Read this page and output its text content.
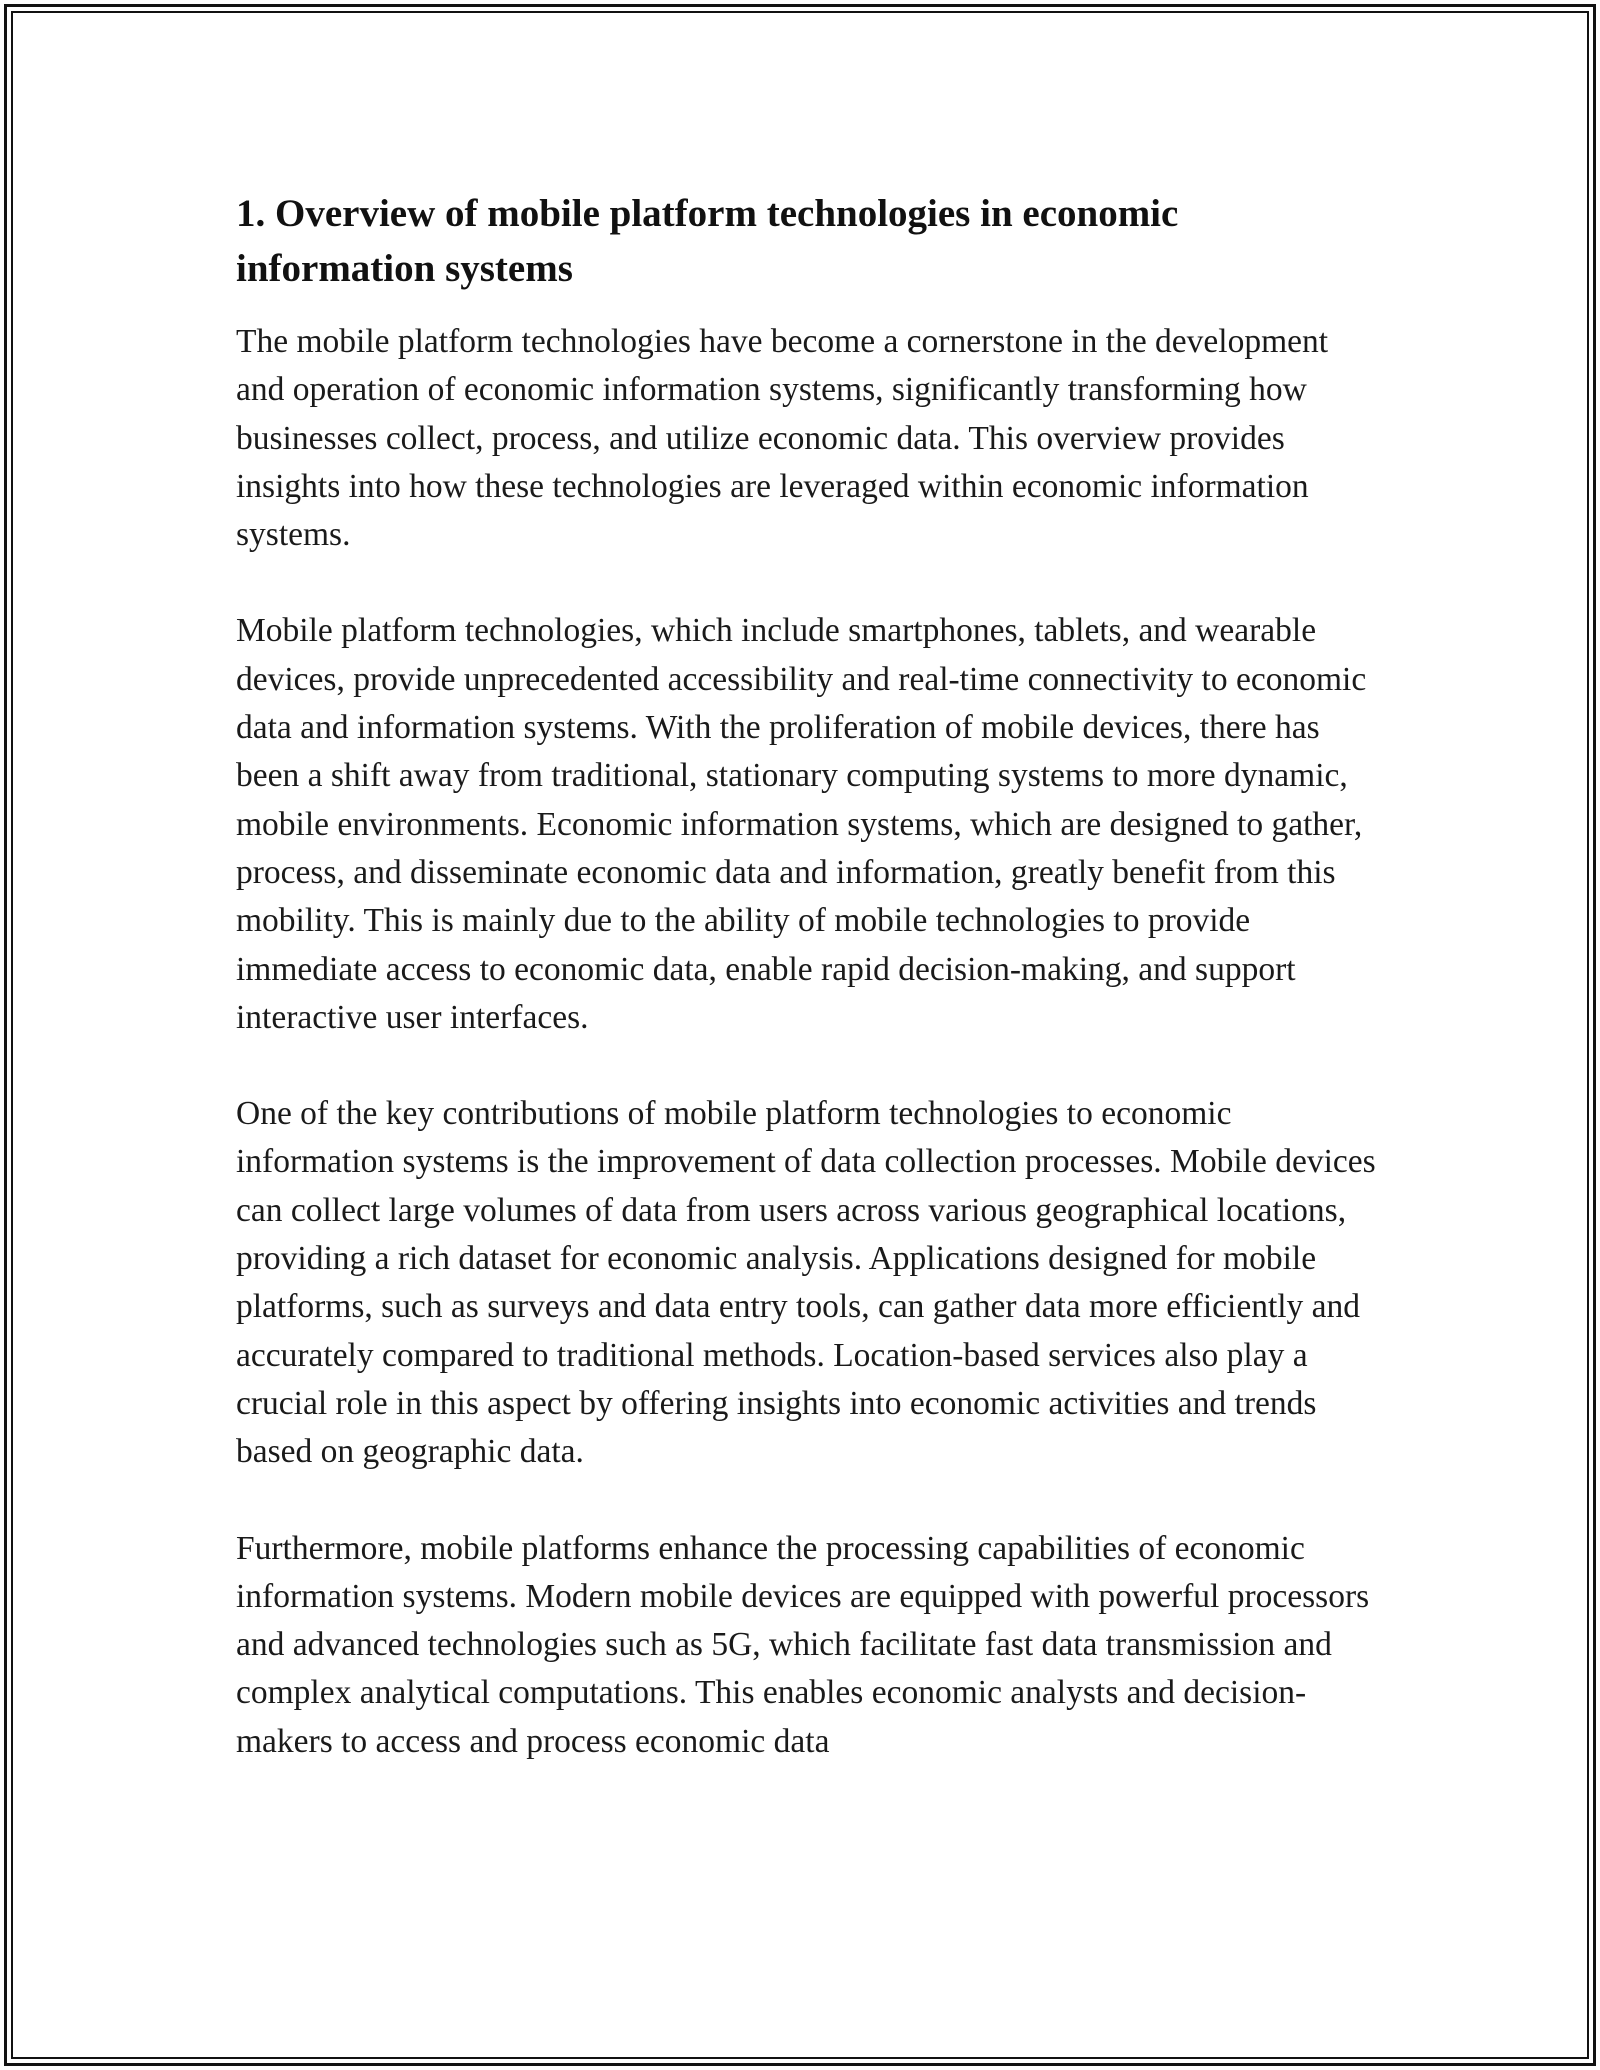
1. Overview of mobile platform technologies in economic information systems

The mobile platform technologies have become a cornerstone in the development and operation of economic information systems, significantly transforming how businesses collect, process, and utilize economic data. This overview provides insights into how these technologies are leveraged within economic information systems.

Mobile platform technologies, which include smartphones, tablets, and wearable devices, provide unprecedented accessibility and real-time connectivity to economic data and information systems. With the proliferation of mobile devices, there has been a shift away from traditional, stationary computing systems to more dynamic, mobile environments. Economic information systems, which are designed to gather, process, and disseminate economic data and information, greatly benefit from this mobility. This is mainly due to the ability of mobile technologies to provide immediate access to economic data, enable rapid decision-making, and support interactive user interfaces.

One of the key contributions of mobile platform technologies to economic information systems is the improvement of data collection processes. Mobile devices can collect large volumes of data from users across various geographical locations, providing a rich dataset for economic analysis. Applications designed for mobile platforms, such as surveys and data entry tools, can gather data more efficiently and accurately compared to traditional methods. Location-based services also play a crucial role in this aspect by offering insights into economic activities and trends based on geographic data.

Furthermore, mobile platforms enhance the processing capabilities of economic information systems. Modern mobile devices are equipped with powerful processors and advanced technologies such as 5G, which facilitate fast data transmission and complex analytical computations. This enables economic analysts and decision-makers to access and process economic data
